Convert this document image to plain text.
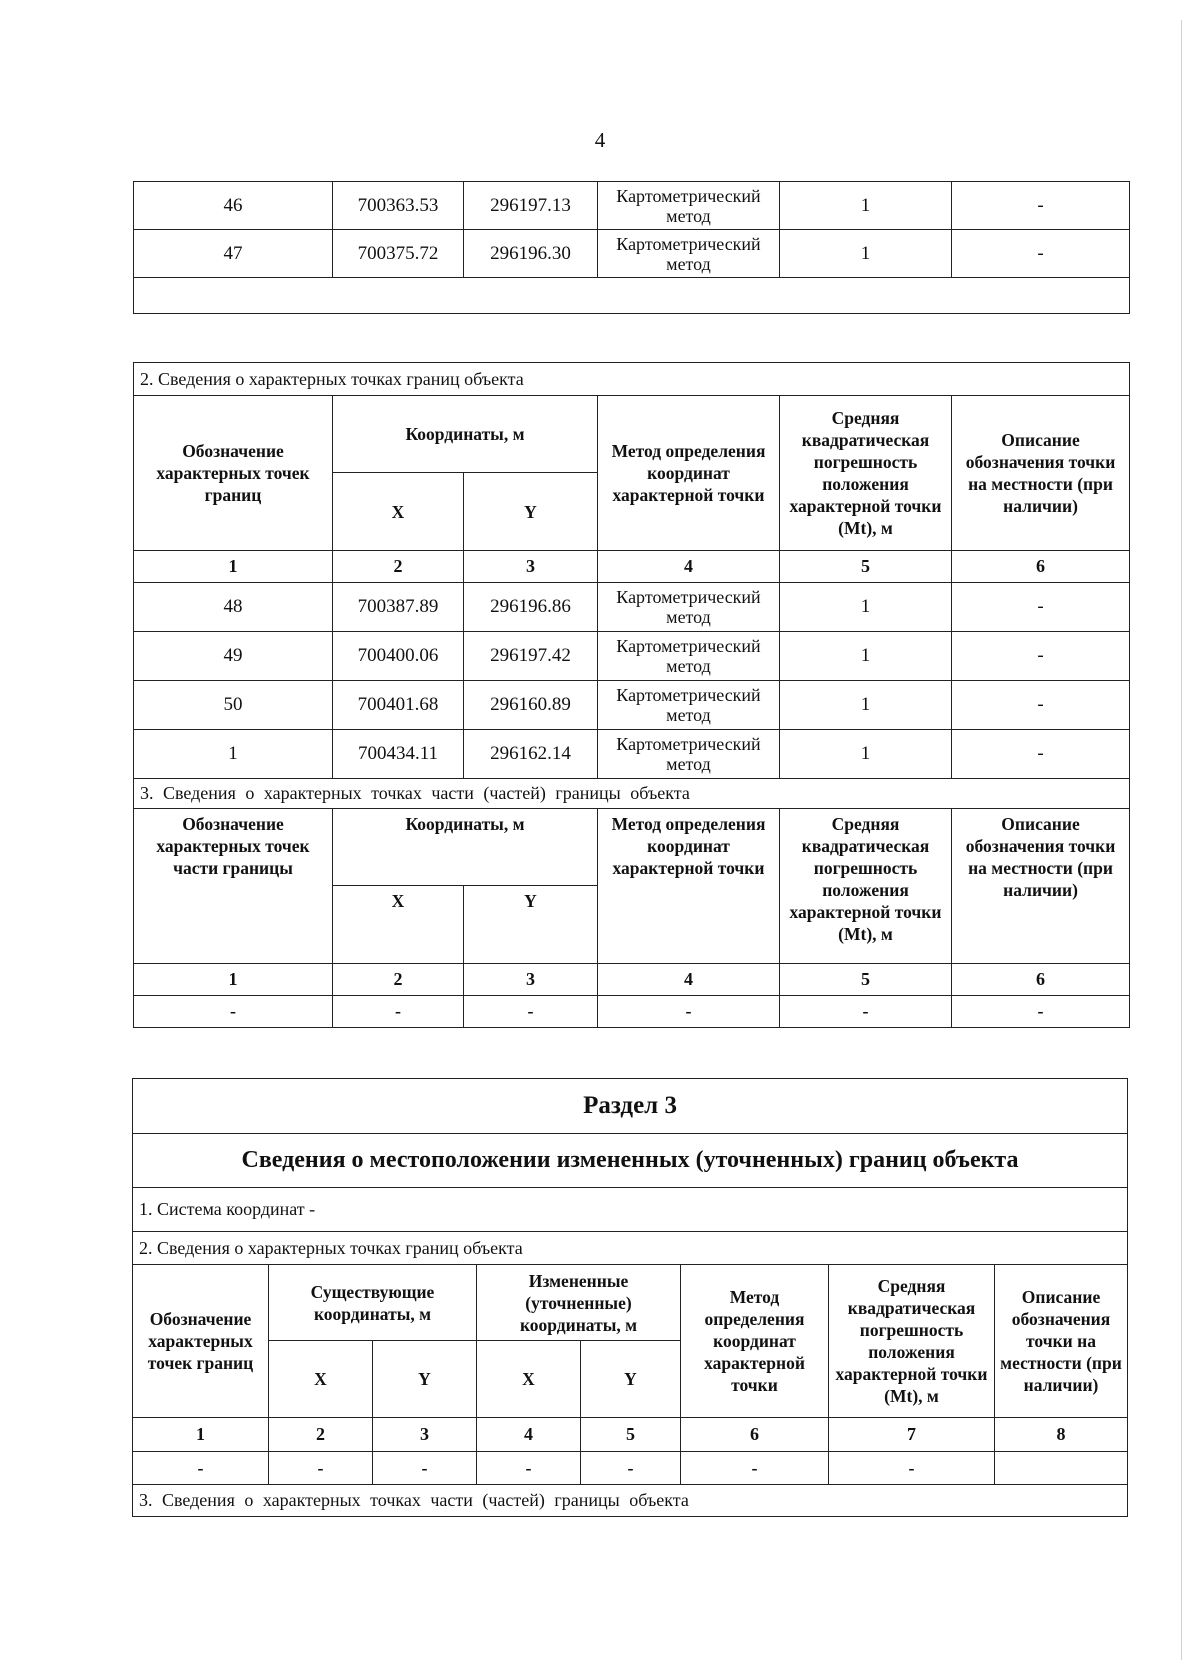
4
46	700363.53	296197.13	Картометрический метод	1	-
47	700375.72	296196.30	Картометрический метод	1	-

2. Сведения о характерных точках границ объекта					
Обозначение характерных точек границ	Координаты, м		Метод определения координат характерной точки	Средняя квадратическая погрешность положения характерной точки (Mt), м	Описание обозначения точки на местности (при наличии)
	X	Y			
1	2	3	4	5	6
48	700387.89	296196.86	Картометрический метод	1	-
49	700400.06	296197.42	Картометрический метод	1	-
50	700401.68	296160.89	Картометрический метод	1	-
1	700434.11	296162.14	Картометрический метод	1	-
3. Сведения о характерных точках части (частей) границы объекта					
Обозначение характерных точек части границы	Координаты, м		Метод определения координат характерной точки	Средняя квадратическая погрешность положения характерной точки (Mt), м	Описание обозначения точки на местности (при наличии)
	X	Y			
1	2	3	4	5	6
-	-	-	-	-	-
Раздел 3							
Сведения о местоположении измененных (уточненных) границ объекта							
1. Система координат -							
2. Сведения о характерных точках границ объекта							
Обозначение характерных точек границ	Существующие координаты, м		Измененные (уточненные) координаты, м		Метод определения координат характерной точки	Средняя квадратическая погрешность положения характерной точки (Mt), м	Описание обозначения точки на местности (при наличии)
	X	Y	X	Y			
1	2	3	4	5	6	7	8
-	-	-	-	-	-	-	
3. Сведения о характерных точках части (частей) границы объекта							
